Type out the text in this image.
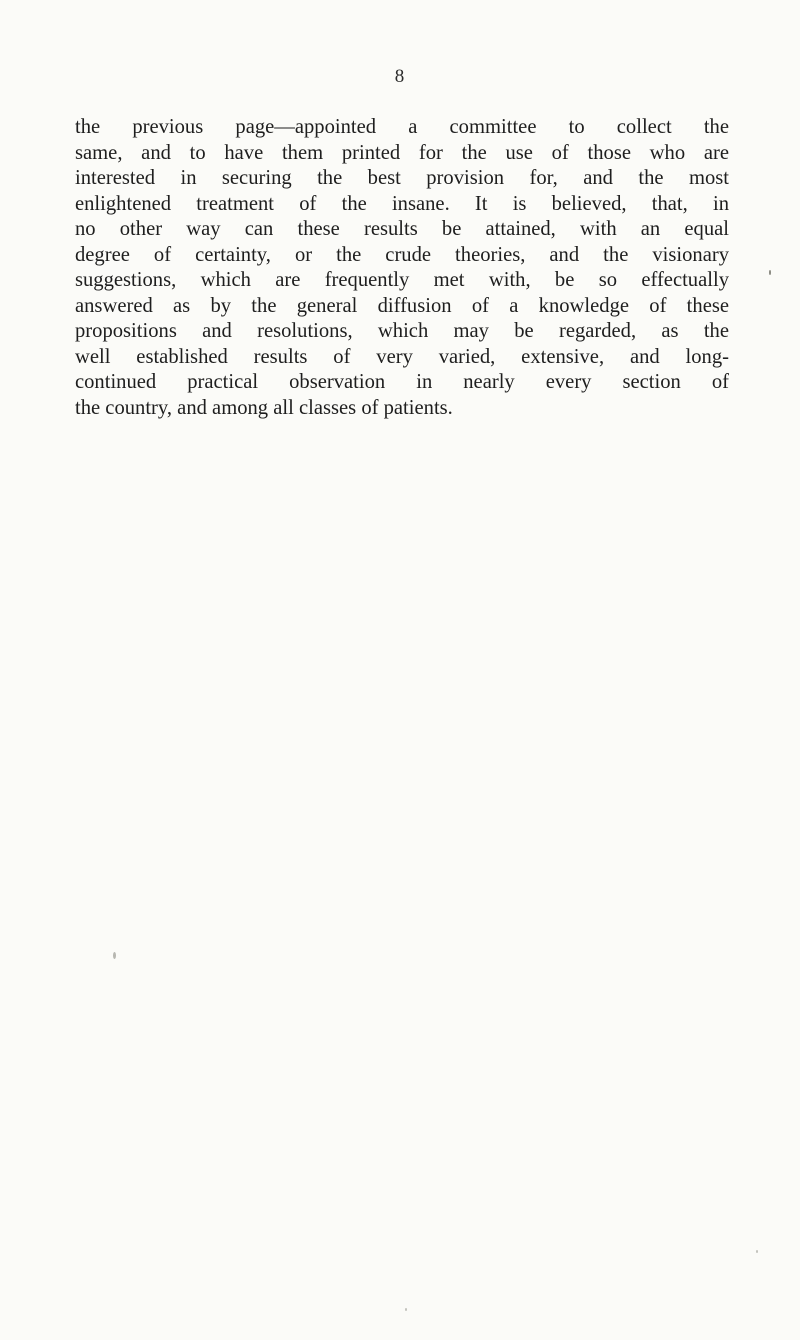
8
the previous page—appointed a committee to collect the
same, and to have them printed for the use of those who are
interested in securing the best provision for, and the most
enlightened treatment of the insane. It is believed, that, in
no other way can these results be attained, with an equal
degree of certainty, or the crude theories, and the visionary
suggestions, which are frequently met with, be so effectually
answered as by the general diffusion of a knowledge of these
propositions and resolutions, which may be regarded, as the
well established results of very varied, extensive, and long-
continued practical observation in nearly every section of
the country, and among all classes of patients.
